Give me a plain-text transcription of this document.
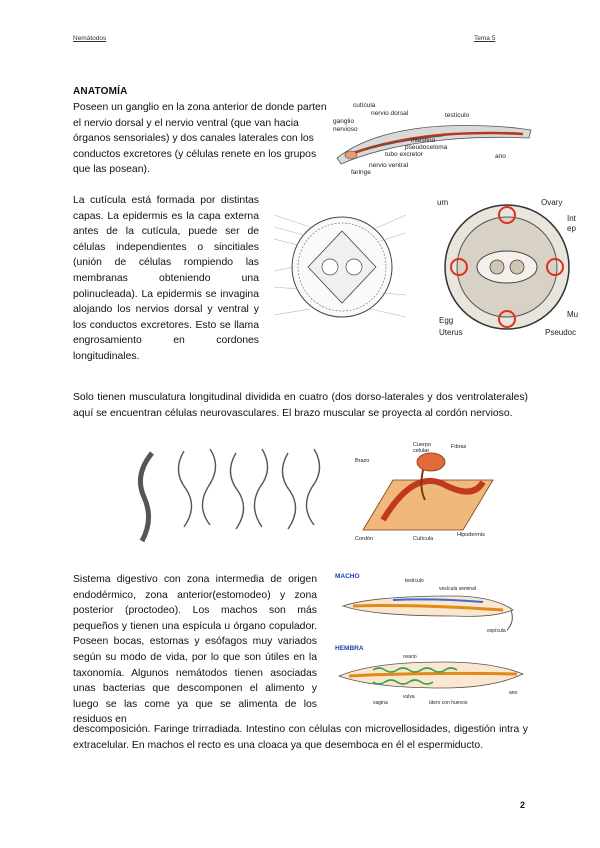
Nemátodos	Tema 5
ANATOMÍA
Poseen un ganglio en la zona anterior de donde parten el nervio dorsal y el nervio ventral (que van hacia órganos sensoriales) y dos canales laterales con los conductos excretores (y células renete en los grupos que las posean).
La cutícula está formada por distintas capas. La epidermis es la capa externa antes de la cutícula, puede ser de células independientes o sincitiales (unión de células rompiendo las membranas obteniendo una polinucleada). La epidermis se invagina alojando los nervios dorsal y ventral y los conductos excretores. Esto se llama engrosamiento en cordones longitudinales.
Solo tienen musculatura longitudinal dividida en cuatro (dos dorso-laterales y dos ventrolaterales) aquí se encuentran células neurovasculares. El brazo muscular se proyecta al cordón nervioso.
Sistema digestivo con zona intermedia de origen endodérmico, zona anterior(estomodeo) y zona posterior (proctodeo). Los machos son más pequeños y tienen una espícula u órgano copulador. Poseen bocas, estomas y esófagos muy variados según su modo de vida, por lo que son útiles en la taxonomía. Algunos nemátodos tienen asociadas unas bacterias que descomponen el alimento y luego se las come ya que se alimenta de los residuos en
descomposición. Faringe trirradiada. Intestino con células con microvellosidades, digestión intra y extracelular. En machos el recto es una cloaca ya que desemboca en él el espermiducto.
cutícula
nervio dorsal	testículo
ganglio
nervioso
intestino
pseudoceloma
tubo excretor	ano
faringe
nervio ventral
Ovary
Int
ep
um
Egg
Uterus	Pseudoc
Mu
Cuerpo
celular
Fibras
Brazo
Cordón
Hipodermis
Cutícula
MACHO
testículo
vesícula seminal
espícula
HEMBRA
ovario
vulva
útero con huevos
vagina
ano
2
